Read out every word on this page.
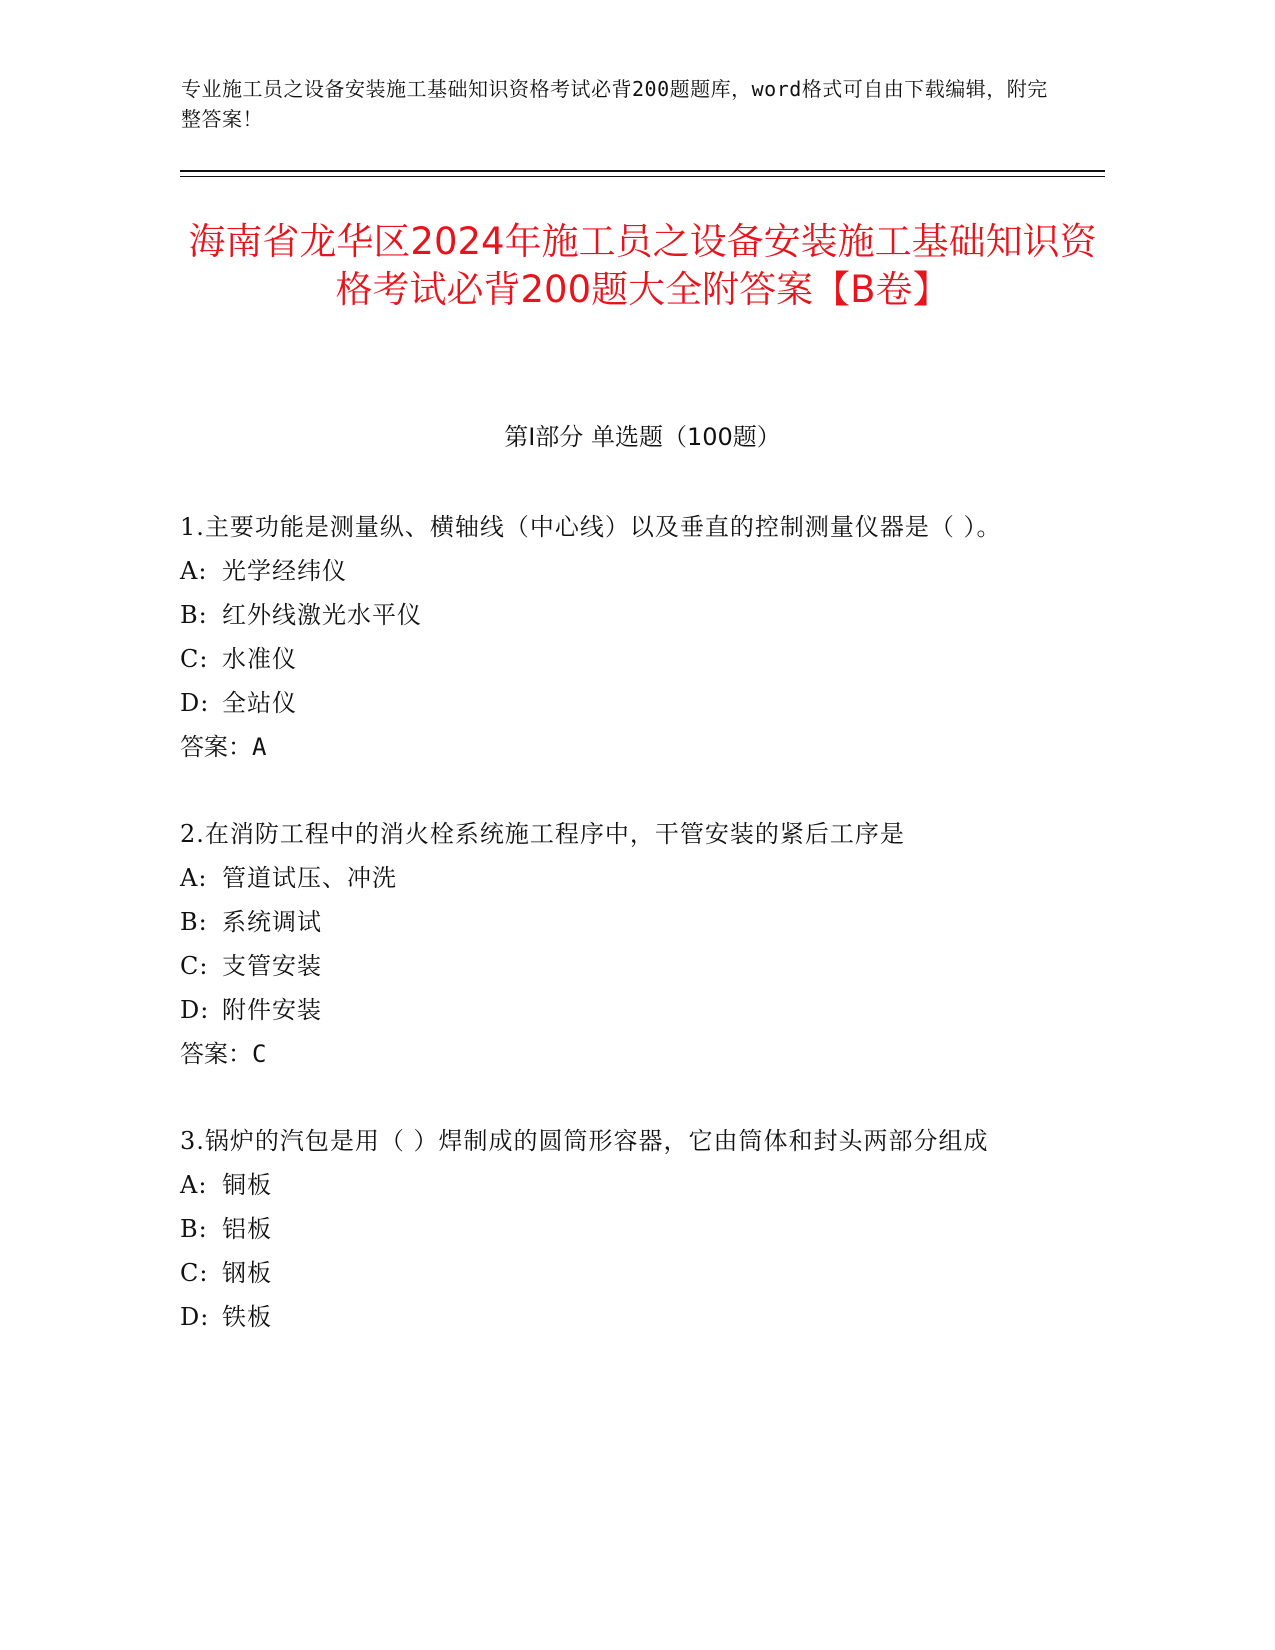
专业施工员之设备安装施工基础知识资格考试必背200题题库，word格式可自由下载编辑，附完整答案！
海南省龙华区2024年施工员之设备安装施工基础知识资格考试必背200题大全附答案【B卷】
第Ⅰ部分 单选题（100题）
1.主要功能是测量纵、横轴线（中心线）以及垂直的控制测量仪器是（ ）。
A: 光学经纬仪
B: 红外线激光水平仪
C: 水准仪
D: 全站仪
答案：A
2.在消防工程中的消火栓系统施工程序中，干管安装的紧后工序是
A: 管道试压、冲洗
B: 系统调试
C: 支管安装
D: 附件安装
答案：C
3.锅炉的汽包是用（ ）焊制成的圆筒形容器，它由筒体和封头两部分组成
A: 铜板
B: 铝板
C: 钢板
D: 铁板
